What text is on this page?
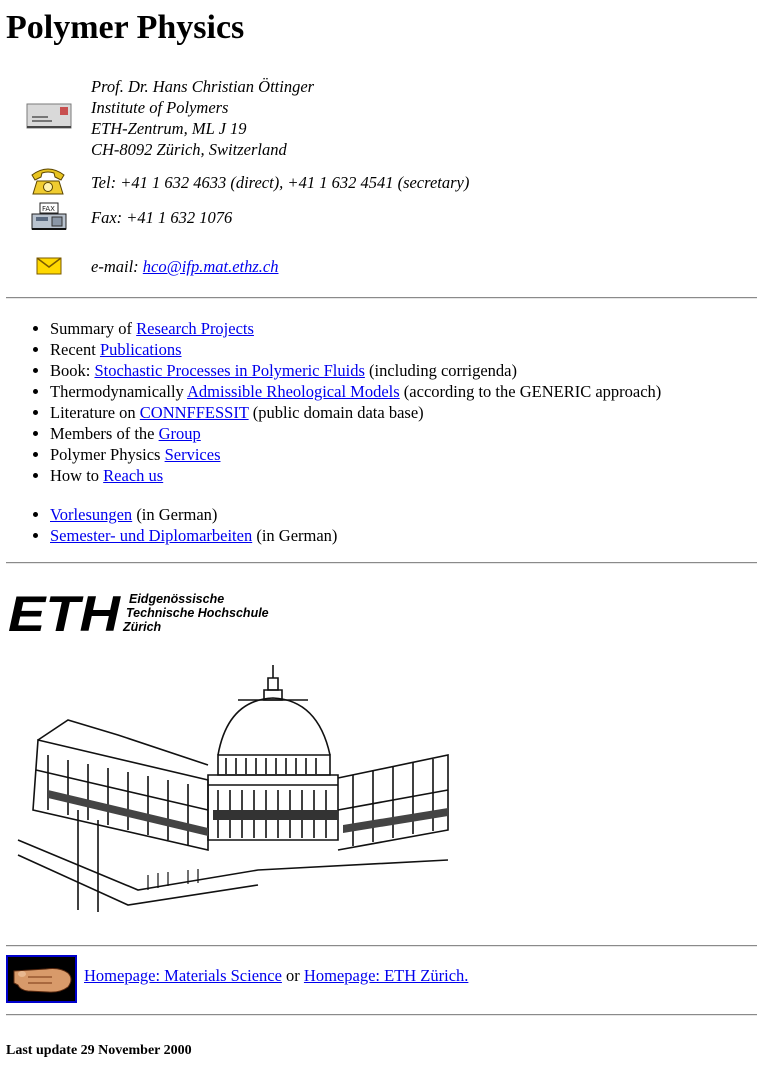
Polymer Physics
Prof. Dr. Hans Christian Öttinger
Institute of Polymers
ETH-Zentrum, ML J 19
CH-8092 Zürich, Switzerland
Tel: +41 1 632 4633 (direct), +41 1 632 4541 (secretary)
FAX Fax: +41 1 632 1076
e-mail: hco@ifp.mat.ethz.ch
• Summary of Research Projects
• Recent Publications
• Book: Stochastic Processes in Polymeric Fluids (including corrigenda)
• Thermodynamically Admissible Rheological Models (according to the GENERIC approach)
• Literature on CONNFFESSIT (public domain data base)
• Members of the Group
• Polymer Physics Services
• How to Reach us
• Vorlesungen (in German)
• Semester- und Diplomarbeiten (in German)
ETH Eidgenössische
Technische Hochschule
Zürich
Homepage: Materials Science or Homepage: ETH Zürich.
Last update 29 November 2000
